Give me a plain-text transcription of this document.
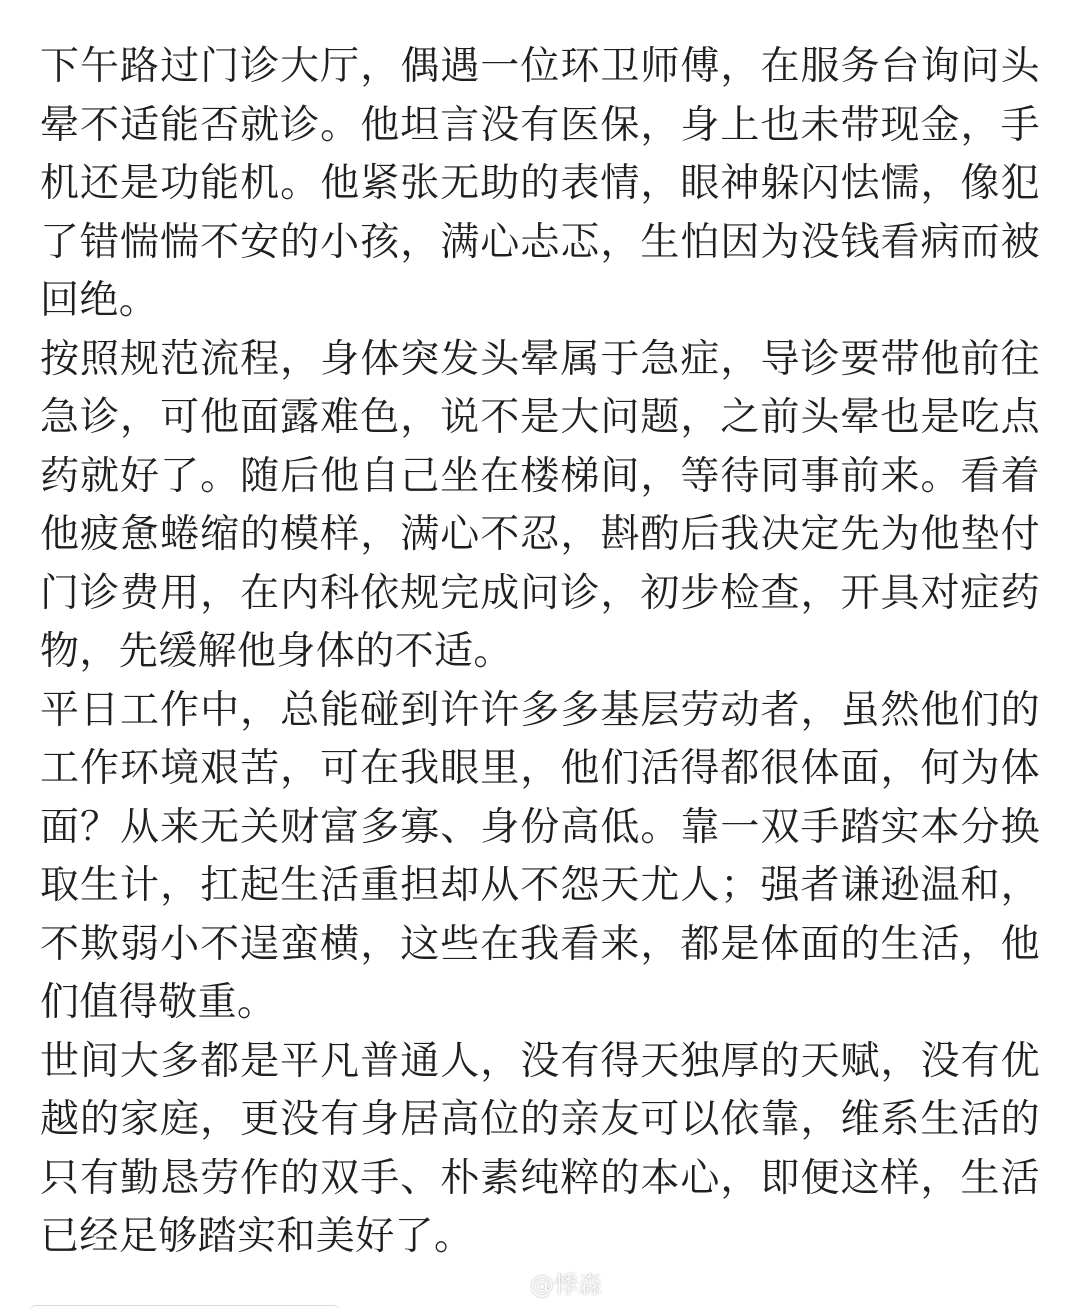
下午路过门诊大厅，偶遇一位环卫师傅，在服务台询问头晕不适能否就诊。他坦言没有医保，身上也未带现金，手机还是功能机。他紧张无助的表情，眼神躲闪怯懦，像犯了错惴惴不安的小孩，满心忐忑，生怕因为没钱看病而被回绝。

按照规范流程，身体突发头晕属于急症，导诊要带他前往急诊，可他面露难色，说不是大问题，之前头晕也是吃点药就好了。随后他自己坐在楼梯间，等待同事前来。看着他疲惫蜷缩的模样，满心不忍，斟酌后我决定先为他垫付门诊费用，在内科依规完成问诊，初步检查，开具对症药物，先缓解他身体的不适。

平日工作中，总能碰到许许多多基层劳动者，虽然他们的工作环境艰苦，可在我眼里，他们活得都很体面，何为体面？从来无关财富多寡、身份高低。靠一双手踏实本分换取生计，扛起生活重担却从不怨天尤人；强者谦逊温和，不欺弱小不逞蛮横，这些在我看来，都是体面的生活，他们值得敬重。

世间大多都是平凡普通人，没有得天独厚的天赋，没有优越的家庭，更没有身居高位的亲友可以依靠，维系生活的只有勤恳劳作的双手、朴素纯粹的本心，即便这样，生活已经足够踏实和美好了。

@悸森
